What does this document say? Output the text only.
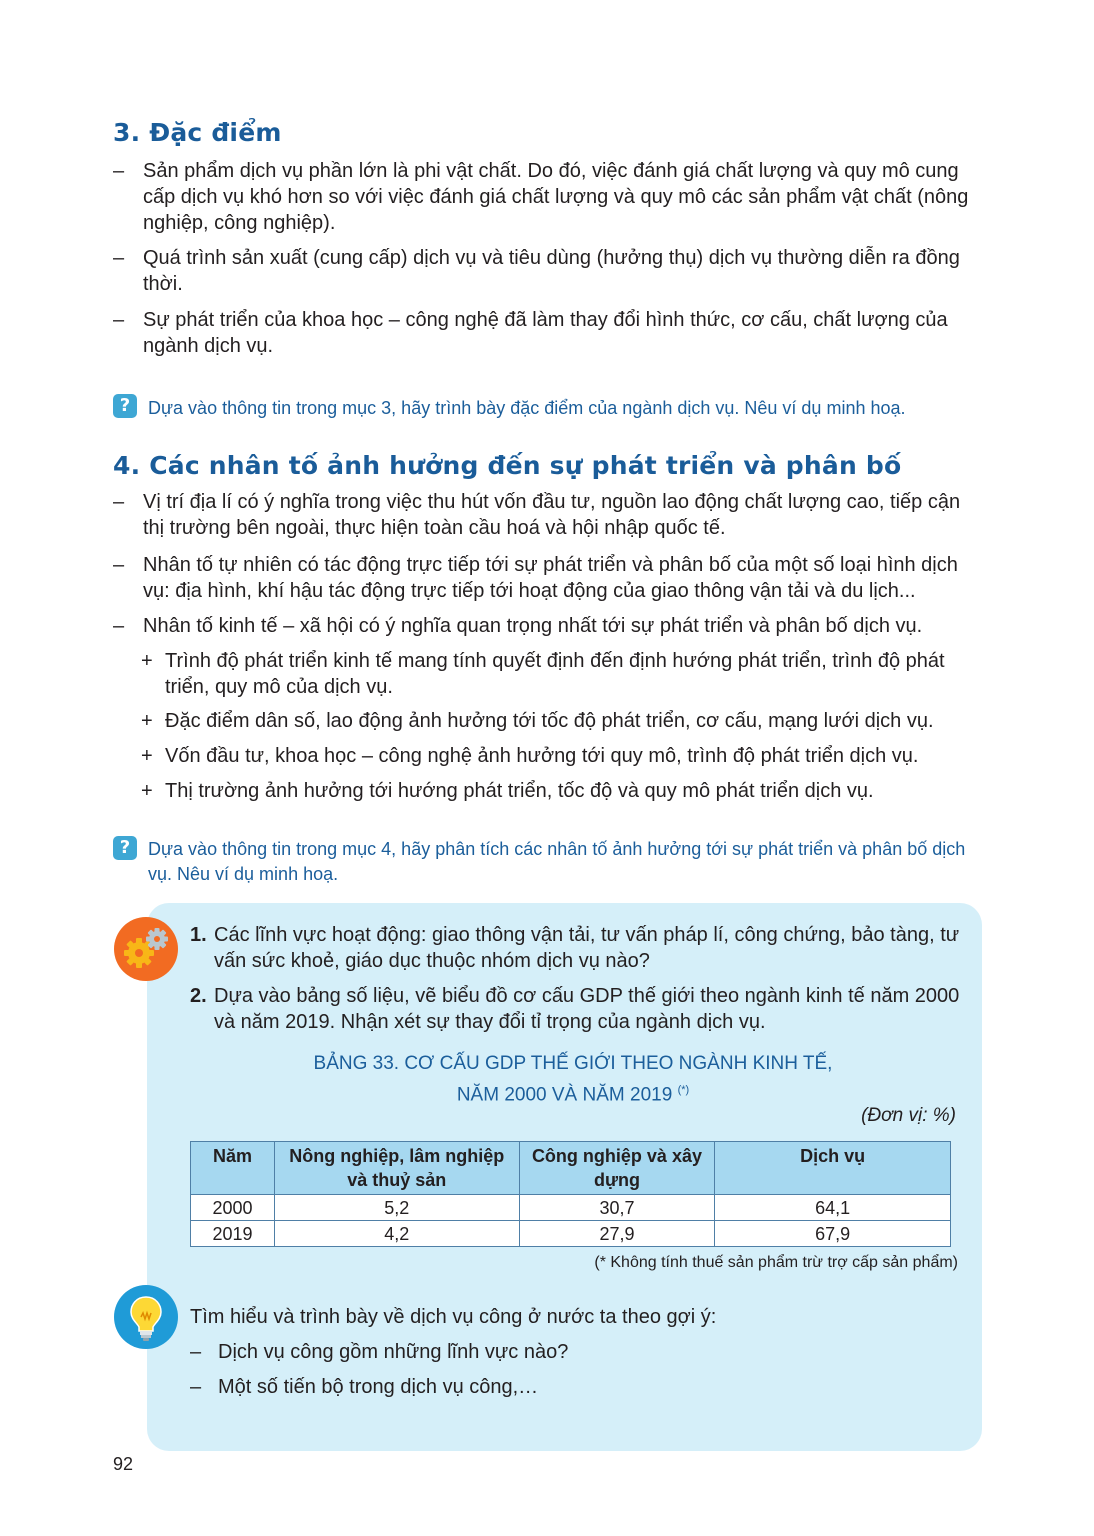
3. Đặc điểm
– Sản phẩm dịch vụ phần lớn là phi vật chất. Do đó, việc đánh giá chất lượng và quy mô cung cấp dịch vụ khó hơn so với việc đánh giá chất lượng và quy mô các sản phẩm vật chất (nông nghiệp, công nghiệp).
– Quá trình sản xuất (cung cấp) dịch vụ và tiêu dùng (hưởng thụ) dịch vụ thường diễn ra đồng thời.
– Sự phát triển của khoa học – công nghệ đã làm thay đổi hình thức, cơ cấu, chất lượng của ngành dịch vụ.
? Dựa vào thông tin trong mục 3, hãy trình bày đặc điểm của ngành dịch vụ. Nêu ví dụ minh hoạ.
4. Các nhân tố ảnh hưởng đến sự phát triển và phân bố
– Vị trí địa lí có ý nghĩa trong việc thu hút vốn đầu tư, nguồn lao động chất lượng cao, tiếp cận thị trường bên ngoài, thực hiện toàn cầu hoá và hội nhập quốc tế.
– Nhân tố tự nhiên có tác động trực tiếp tới sự phát triển và phân bố của một số loại hình dịch vụ: địa hình, khí hậu tác động trực tiếp tới hoạt động của giao thông vận tải và du lịch...
– Nhân tố kinh tế – xã hội có ý nghĩa quan trọng nhất tới sự phát triển và phân bố dịch vụ.
+ Trình độ phát triển kinh tế mang tính quyết định đến định hướng phát triển, trình độ phát triển, quy mô của dịch vụ.
+ Đặc điểm dân số, lao động ảnh hưởng tới tốc độ phát triển, cơ cấu, mạng lưới dịch vụ.
+ Vốn đầu tư, khoa học – công nghệ ảnh hưởng tới quy mô, trình độ phát triển dịch vụ.
+ Thị trường ảnh hưởng tới hướng phát triển, tốc độ và quy mô phát triển dịch vụ.
? Dựa vào thông tin trong mục 4, hãy phân tích các nhân tố ảnh hưởng tới sự phát triển và phân bố dịch vụ. Nêu ví dụ minh hoạ.
1. Các lĩnh vực hoạt động: giao thông vận tải, tư vấn pháp lí, công chứng, bảo tàng, tư vấn sức khoẻ, giáo dục thuộc nhóm dịch vụ nào?
2. Dựa vào bảng số liệu, vẽ biểu đồ cơ cấu GDP thế giới theo ngành kinh tế năm 2000 và năm 2019. Nhận xét sự thay đổi tỉ trọng của ngành dịch vụ.
BẢNG 33. CƠ CẤU GDP THẾ GIỚI THEO NGÀNH KINH TẾ,
NĂM 2000 VÀ NĂM 2019 (*)
(Đơn vị: %)
Năm	Nông nghiệp, lâm nghiệp và thuỷ sản	Công nghiệp và xây dựng	Dịch vụ
2000	5,2	30,7	64,1
2019	4,2	27,9	67,9
(* Không tính thuế sản phẩm trừ trợ cấp sản phẩm)
Tìm hiểu và trình bày về dịch vụ công ở nước ta theo gợi ý:
– Dịch vụ công gồm những lĩnh vực nào?
– Một số tiến bộ trong dịch vụ công,…
92
